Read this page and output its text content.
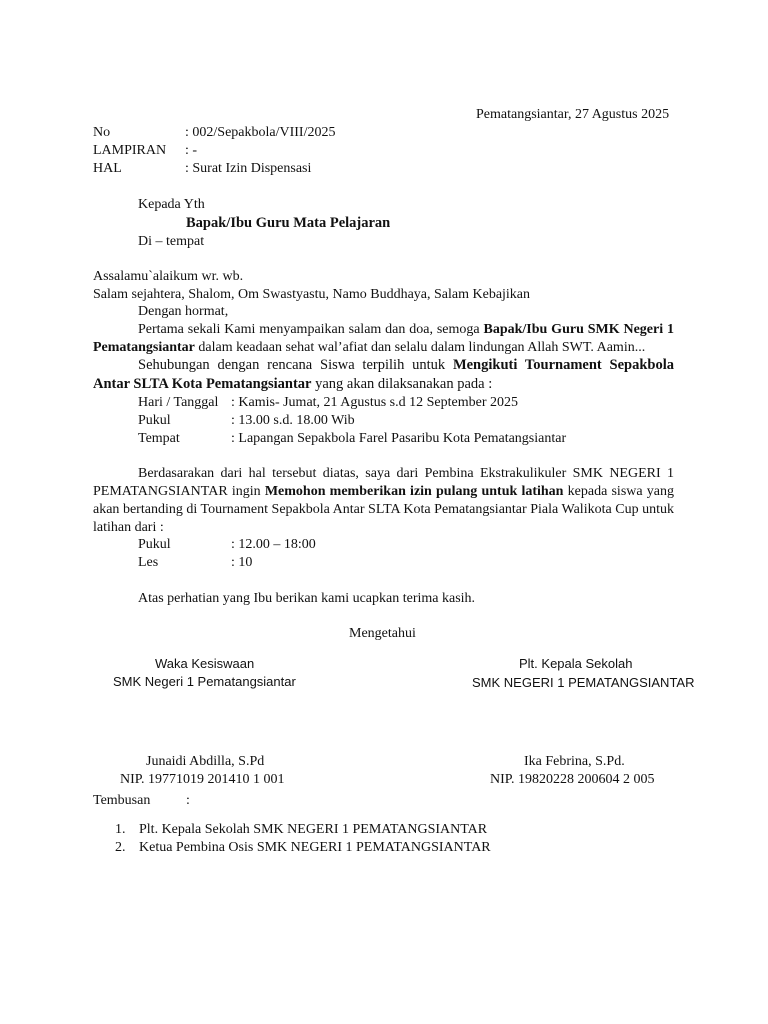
Pematangsiantar, 27 Agustus 2025
No	: 002/Sepakbola/VIII/2025
LAMPIRAN : -
HAL	: Surat Izin Dispensasi
Kepada Yth
Bapak/Ibu Guru Mata Pelajaran
Di – tempat
Assalamu`alaikum wr. wb.
Salam sejahtera, Shalom, Om Swastyastu, Namo Buddhaya, Salam Kebajikan
Dengan hormat,
Pertama sekali Kami menyampaikan salam dan doa, semoga Bapak/Ibu Guru SMK Negeri 1 Pematangsiantar dalam keadaan sehat wal’afiat dan selalu dalam lindungan Allah SWT. Aamin...
Sehubungan dengan rencana Siswa terpilih untuk Mengikuti Tournament Sepakbola Antar SLTA Kota Pematangsiantar yang akan dilaksanakan pada :
Hari / Tanggal : Kamis- Jumat, 21 Agustus s.d 12 September 2025
Pukul	: 13.00 s.d. 18.00 Wib
Tempat	: Lapangan Sepakbola Farel Pasaribu Kota Pematangsiantar
Berdasarakan dari hal tersebut diatas, saya dari Pembina Ekstrakulikuler SMK NEGERI 1 PEMATANGSIANTAR ingin Memohon memberikan izin pulang untuk latihan kepada siswa yang akan bertanding di Tournament Sepakbola Antar SLTA Kota Pematangsiantar Piala Walikota Cup untuk latihan dari :
Pukul	: 12.00 – 18:00
Les	: 10
Atas perhatian yang Ibu berikan kami ucapkan terima kasih.
Mengetahui
Waka Kesiswaan
SMK Negeri 1 Pematangsiantar
Plt. Kepala Sekolah
SMK NEGERI 1 PEMATANGSIANTAR
Junaidi Abdilla, S.Pd
NIP. 19771019 201410 1 001
Ika Febrina, S.Pd.
NIP. 19820228 200604 2 005
Tembusan	:
1. Plt. Kepala Sekolah SMK NEGERI 1 PEMATANGSIANTAR
2. Ketua Pembina Osis SMK NEGERI 1 PEMATANGSIANTAR
